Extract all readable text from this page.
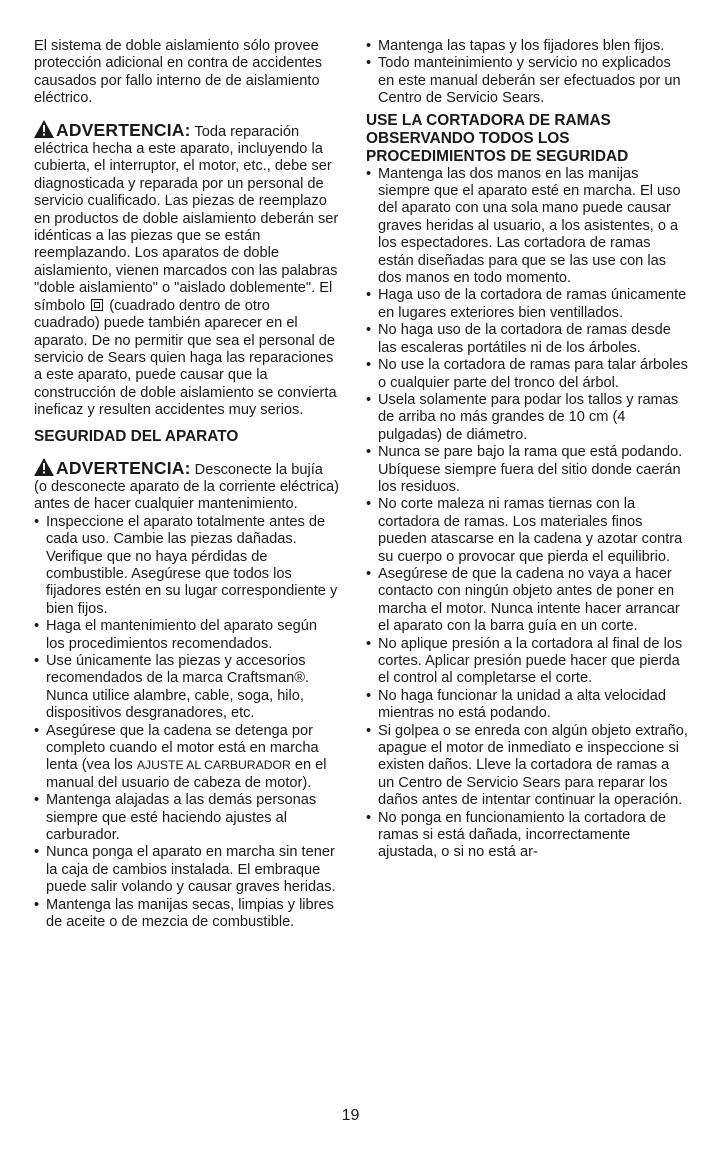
El sistema de doble aislamiento sólo provee protección adicional en contra de accidentes causados por fallo interno de de aislamiento eléctrico.

ADVERTENCIA: Toda reparación eléctrica hecha a este aparato, incluyendo la cubierta, el interruptor, el motor, etc., debe ser diagnosticada y reparada por un personal de servicio cualificado. Las piezas de reemplazo en productos de doble aislamiento deberán ser idénticas a las piezas que se están reemplazando. Los aparatos de doble aislamiento, vienen marcados con las palabras "doble aislamiento" o "aislado doblemente". El símbolo (cuadrado dentro de otro cuadrado) puede también aparecer en el aparato. De no permitir que sea el personal de servicio de Sears quien haga las reparaciones a este aparato, puede causar que la construcción de doble aislamiento se convierta ineficaz y resulten accidentes muy serios.

SEGURIDAD DEL APARATO

ADVERTENCIA: Desconecte la bujía (o desconecte aparato de la corriente eléctrica) antes de hacer cualquier mantenimiento.

• Inspeccione el aparato totalmente antes de cada uso. Cambie las piezas dañadas. Verifique que no haya pérdidas de combustible. Asegúrese que todos los fijadores estén en su lugar correspondiente y bien fijos.
• Haga el mantenimiento del aparato según los procedimientos recomendados.
• Use únicamente las piezas y accesorios recomendados de la marca Craftsman®. Nunca utilice alambre, cable, soga, hilo, dispositivos desgranadores, etc.
• Asegúrese que la cadena se detenga por completo cuando el motor está en marcha lenta (vea los AJUSTE AL CARBURADOR en el manual del usuario de cabeza de motor).
• Mantenga alajadas a las demás personas siempre que esté haciendo ajustes al carburador.
• Nunca ponga el aparato en marcha sin tener la caja de cambios instalada. El embraque puede salir volando y causar graves heridas.
• Mantenga las manijas secas, limpias y libres de aceite o de mezcia de combustible.
• Mantenga las tapas y los fijadores blen fijos.
• Todo manteinimiento y servicio no explicados en este manual deberán ser efectuados por un Centro de Servicio Sears.

USE LA CORTADORA DE RAMAS OBSERVANDO TODOS LOS PROCEDIMIENTOS DE SEGURIDAD

• Mantenga las dos manos en las manijas siempre que el aparato esté en marcha. El uso del aparato con una sola mano puede causar graves heridas al usuario, a los asistentes, o a los espectadores. Las cortadora de ramas están diseñadas para que se las use con las dos manos en todo momento.
• Haga uso de la cortadora de ramas únicamente en lugares exteriores bien ventillados.
• No haga uso de la cortadora de ramas desde las escaleras portátiles ni de los árboles.
• No use la cortadora de ramas para talar árboles o cualquier parte del tronco del árbol.
• Usela solamente para podar los tallos y ramas de arriba no más grandes de 10 cm (4 pulgadas) de diámetro.
• Nunca se pare bajo la rama que está podando. Ubíquese siempre fuera del sitio donde caerán los residuos.
• No corte maleza ni ramas tiernas con la cortadora de ramas. Los materiales finos pueden atascarse en la cadena y azotar contra su cuerpo o provocar que pierda el equilibrio.
• Asegúrese de que la cadena no vaya a hacer contacto con ningún objeto antes de poner en marcha el motor. Nunca intente hacer arrancar el aparato con la barra guía en un corte.
• No aplique presión a la cortadora al final de los cortes. Aplicar presión puede hacer que pierda el control al completarse el corte.
• No haga funcionar la unidad a alta velocidad mientras no está podando.
• Si golpea o se enreda con algún objeto extraño, apague el motor de inmediato e inspeccione si existen daños. Lleve la cortadora de ramas a un Centro de Servicio Sears para reparar los daños antes de intentar continuar la operación.
• No ponga en funcionamiento la cortadora de ramas si está dañada, incorrectamente ajustada, o si no está ar-
19
